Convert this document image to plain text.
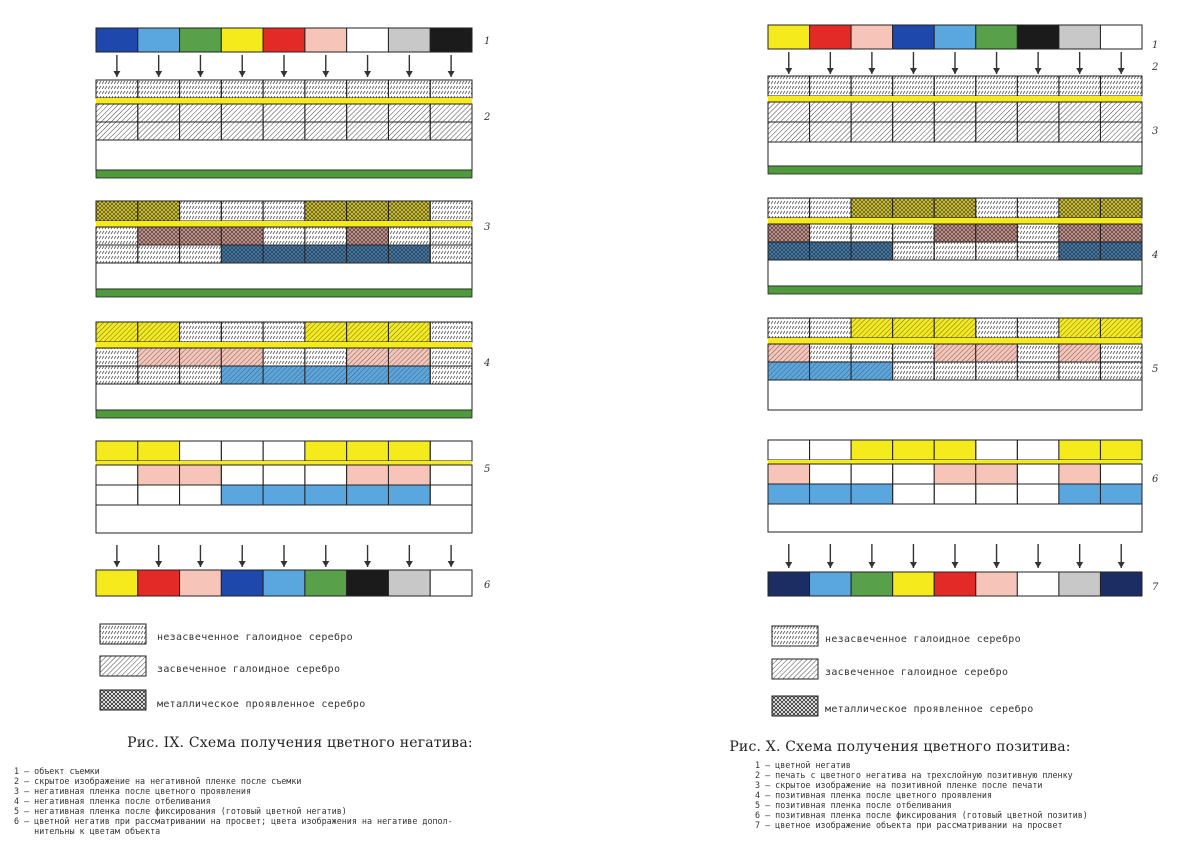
1
2
3
4
5
6
незасвеченное галоидное серебро
засвеченное галоидное серебро
металлическое проявленное серебро
Рис. IX. Схема получения цветного негатива:
1 — объект съемки
2 — скрытое изображение на негативной пленке после съемки
3 — негативная пленка после цветного проявления
4 — негативная пленка после отбеливания
5 — негативная пленка после фиксирования (готовый цветной негатив)
6 — цветной негатив при рассматривании на просвет; цвета изображения на негативе допол-
нительны к цветам объекта
1
2
3
4
5
6
7
незасвеченное галоидное серебро
засвеченное галоидное серебро
металлическое проявленное серебро
Рис. X. Схема получения цветного позитива:
1 — цветной негатив
2 — печать с цветного негатива на трехслойную позитивную пленку
3 — скрытое изображение на позитивной пленке после печати
4 — позитивная пленка после цветного проявления
5 — позитивная пленка после отбеливания
6 — позитивная пленка после фиксирования (готовый цветной позитив)
7 — цветное изображение объекта при рассматривании на просвет
